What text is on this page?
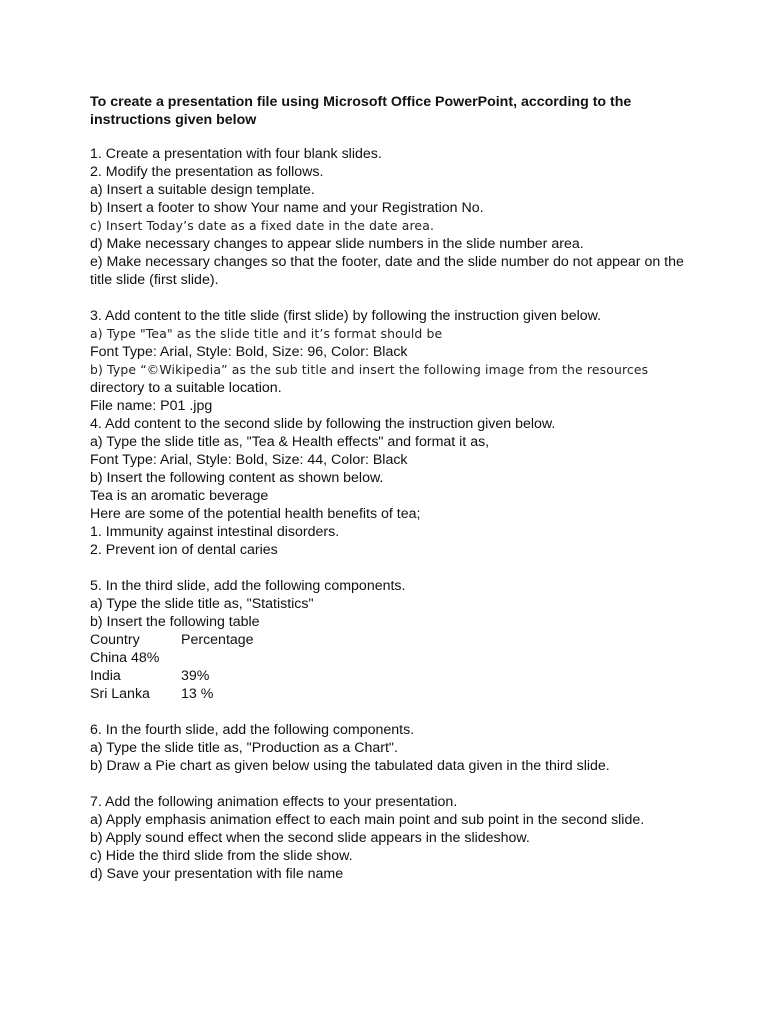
To create a presentation file using Microsoft Office PowerPoint, according to the instructions given below
1. Create a presentation with four blank slides.
2. Modify the presentation as follows.
a) Insert a suitable design template.
b) Insert a footer to show Your name and your Registration No.
c) Insert Today’s date as a fixed date in the date area.
d) Make necessary changes to appear slide numbers in the slide number area.
e) Make necessary changes so that the footer, date and the slide number do not appear on the title slide (first slide).
3. Add content to the title slide (first slide) by following the instruction given below.
a) Type "Tea" as the slide title and it’s format should be
Font Type: Arial, Style: Bold, Size: 96, Color: Black
b) Type “©Wikipedia” as the sub title and insert the following image from the resources
directory to a suitable location.
File name: P01 .jpg
4. Add content to the second slide by following the instruction given below.
a) Type the slide title as, "Tea & Health effects" and format it as,
Font Type: Arial, Style: Bold, Size: 44, Color: Black
b) Insert the following content as shown below.
Tea is an aromatic beverage
Here are some of the potential health benefits of tea;
1. Immunity against intestinal disorders.
2. Prevent ion of dental caries
5. In the third slide, add the following components.
a) Type the slide title as, "Statistics"
b) Insert the following table
Country	Percentage
China 48%
India	39%
Sri Lanka 13 %
6. In the fourth slide, add the following components.
a) Type the slide title as, "Production as a Chart".
b) Draw a Pie chart as given below using the tabulated data given in the third slide.
7. Add the following animation effects to your presentation.
a) Apply emphasis animation effect to each main point and sub point in the second slide.
b) Apply sound effect when the second slide appears in the slideshow.
c) Hide the third slide from the slide show.
d) Save your presentation with file name
